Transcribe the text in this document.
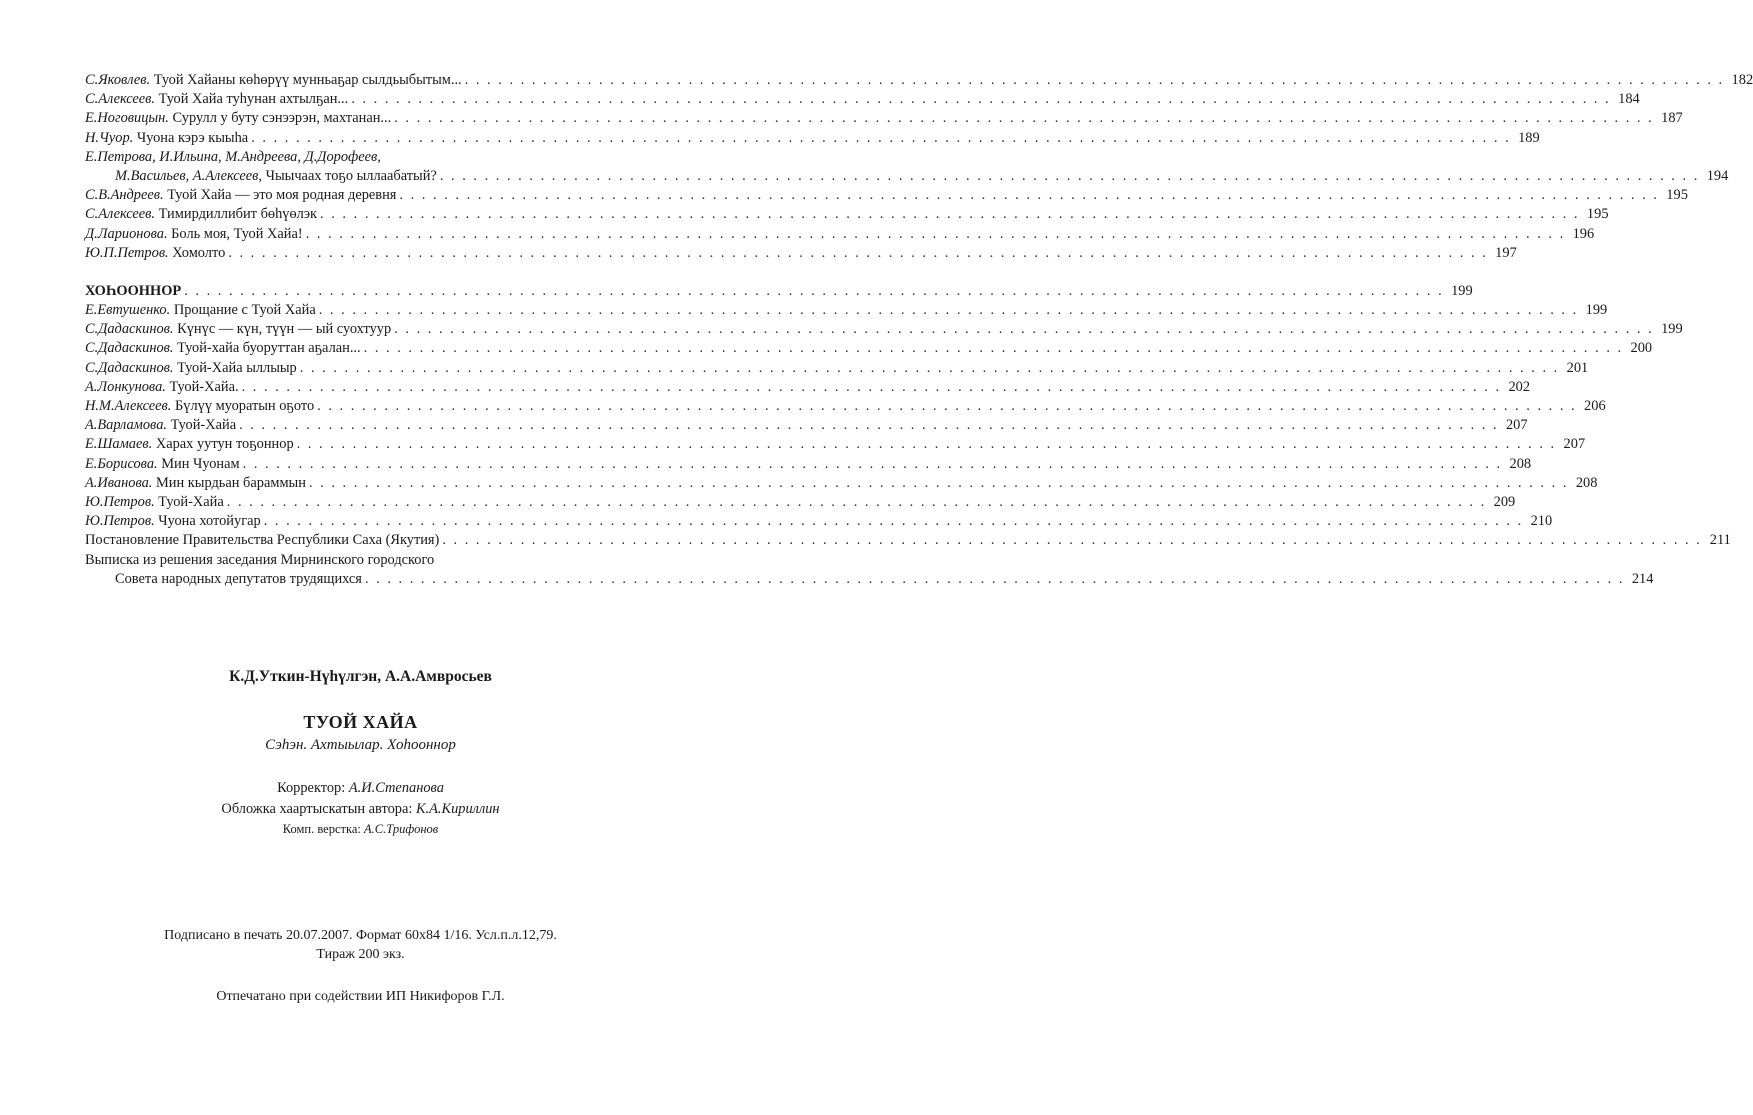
С.Яковлев. Туой Хайаны көһөрүү мунньаҕар сылдьыбытым... . . .	182
С.Алексеев. Туой Хайа туһунан ахтылҕан... . . .	184
Е.Ноговицын. Сурулл у буту сэнээрэн, махтанан... . . .	187
Н.Чуор. Чуона кэрэ кыыһа . . .	189
Е.Петрова, И.Ильина, М.Андреева, Д.Дорофеев,
М.Васильев, А.Алексеев, Чыычаах тоҕо ыллаабатый? . . .	194
С.В.Андреев. Туой Хайа — это моя родная деревня . . .	195
С.Алексеев. Тимирдиллибит бөһүөлэк . . .	195
Д.Ларионова. Боль моя, Туой Хайа! . . .	196
Ю.П.Петров. Хомолто . . .	197
ХОҺООННОР . . .	199
Е.Евтушенко. Прощание с Туой Хайа . . .	199
С.Дадаскинов. Күнүс — күн, түүн — ый суохтуур . . .	199
С.Дадаскинов. Туой-хайа буоруттан аҕалан... . . .	200
С.Дадаскинов. Туой-Хайа ыллыыр . . .	201
А.Лонкунова. Туой-Хайа. . . .	202
Н.М.Алексеев. Бүлүү муоратын оҕото . . .	206
А.Варламова. Туой-Хайа . . .	207
Е.Шамаев. Харах уутун тоҕоннор . . .	207
Е.Борисова. Мин Чуонам . . .	208
А.Иванова. Мин кырдьан бараммын . . .	208
Ю.Петров. Туой-Хайа . . .	209
Ю.Петров. Чуона хотойугар . . .	210
Постановление Правительства Республики Саха (Якутия) . . .	211
Выписка из решения заседания Мирнинского городского
Совета народных депутатов трудящихся . . .	214
К.Д.Уткин-Нүһүлгэн, А.А.Амвросьев
ТУОЙ ХАЙА
Сэһэн. Ахтыылар. Хоһооннор
Корректор: А.И.Степанова
Обложка хаартыскатын автора: К.А.Кириллин
Комп. верстка: А.С.Трифонов
Подписано в печать 20.07.2007. Формат 60х84 1/16. Усл.п.л.12,79.
Тираж 200 экз.
Отпечатано при содействии ИП Никифоров Г.Л.
